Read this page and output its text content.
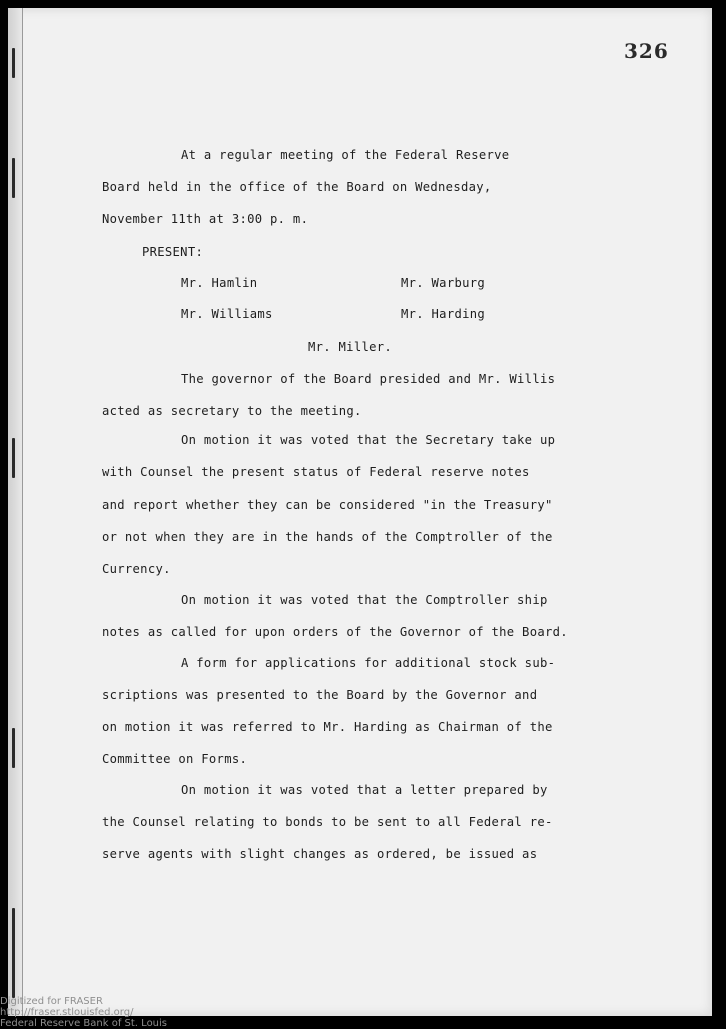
326
At a regular meeting of the Federal Reserve
Board held in the office of the Board on Wednesday,
November 11th at 3:00 p. m.
PRESENT:
Mr. Hamlin	Mr. Warburg
Mr. Williams	Mr. Harding
Mr. Miller.
The governor of the Board presided and Mr. Willis
acted as secretary to the meeting.
On motion it was voted that the Secretary take up
with Counsel the present status of Federal reserve notes
and report whether they can be considered "in the Treasury"
or not when they are in the hands of the Comptroller of the
Currency.
On motion it was voted that the Comptroller ship
notes as called for upon orders of the Governor of the Board.
A form for applications for additional stock sub-
scriptions was presented to the Board by the Governor and
on motion it was referred to Mr. Harding as Chairman of the
Committee on Forms.
On motion it was voted that a letter prepared by
the Counsel relating to bonds to be sent to all Federal re-
serve agents with slight changes as ordered, be issued as
Digitized for FRASER
http://fraser.stlouisfed.org/
Federal Reserve Bank of St. Louis
